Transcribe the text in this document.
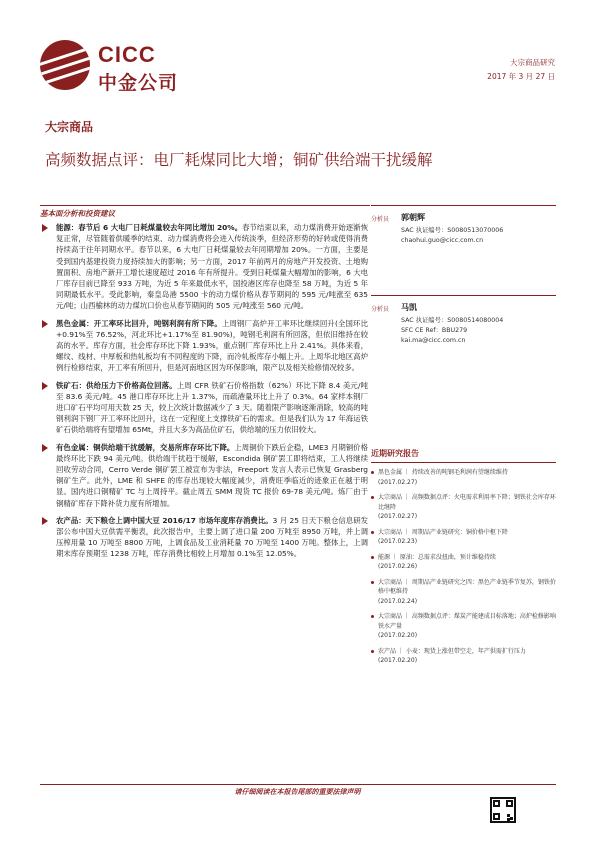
CICC
中金公司
大宗商品研究
2017 年 3 月 27 日
大宗商品
高频数据点评：电厂耗煤同比大增；铜矿供给端干扰缓解
基本面分析和投资建议
能源：春节后 6 大电厂日耗煤量较去年同比增加 20%。春节结束以来，动力煤消费开始逐渐恢复正常，尽管随着供暖季的结束、动力煤消费将会进入传统淡季，但经济形势的好转或使得消费持续高于往年同期水平。春节以来，6 大电厂日耗煤量较去年同期增加 20%。一方面，主要是受到国内基建投资力度持续加大的影响；另一方面，2017 年前两月的房地产开发投资、土地购置面积、房地产新开工增长速度超过 2016 年有所提升。受到日耗煤量大幅增加的影响，6 大电厂库存目前已降至 933 万吨，为近 5 年来最低水平，国投港区库存也降至 58 万吨，为近 5 年同期最低水平。受此影响，秦皇岛港 5500 卡的动力煤价格从春节期间的 595 元/吨涨至 635 元/吨；山西榆林的动力煤坑口价也从春节期间的 505 元/吨涨至 560 元/吨。
黑色金属：开工率环比回升，吨钢利润有所下降。上周钢厂高炉开工率环比继续回升(全国环比+0.91%至 76.52%，河北环比+1.17%至 81.90%)，吨钢毛利润有所回落，但依旧维持在较高的水平。库存方面，社会库存环比下降 1.93%，重点钢厂库存环比上升 2.41%。具体来看，螺纹、线材、中厚板和热轧板均有不同程度的下降，而冷轧板库存小幅上升。上周华北地区高炉例行检修结束，开工率有所回升，但是河南地区因为环保影响，限产以及相关检修情况较多。
铁矿石：供给压力下价格高位回落。上周 CFR 铁矿石价格指数（62%）环比下降 8.4 美元/吨至 83.6 美元/吨。45 港口库存环比上升 1.37%，而疏港量环比上升了 0.3%。64 家样本钢厂进口矿石平均可用天数 25 天，较上次统计数据减少了 3 天。随着限产影响逐渐消除，较高的吨钢利润下钢厂开工率环比回升，这在一定程度上支撑铁矿石的需求。但是我们认为 17 年海运铁矿石供给端将有望增加 65Mt，并且大多为高品位矿石，供给端的压力依旧较大。
有色金属：铜供给端干扰缓解，交易所库存环比下降。上周铜价下跌后企稳，LME3 月期铜价格最终环比下跌 94 美元/吨。供给端干扰趋于缓解，Escondida 铜矿罢工即将结束，工人将继续回收劳动合同，Cerro Verde 铜矿罢工被宣布为非法，Freeport 发言人表示已恢复 Grasberg 铜矿生产。此外，LME 和 SHFE 的库存出现较大幅度减少，消费旺季临近的迹象正在越于明显。国内进口铜精矿 TC 与上周持平。截止周五 SMM 现货 TC 报价 69-78 美元/吨。炼厂由于铜精矿库存下降补货力度有所增加。
农产品：天下粮仓上调中国大豆 2016/17 市场年度库存消费比。3 月 25 日天下粮仓信息研发部公布中国大豆供需平衡表，此次报告中，主要上调了进口量 200 万吨至 8950 万吨，并上调压榨用量 10 万吨至 8800 万吨，上调食品及工业消耗量 70 万吨至 1400 万吨。整体上，上调期末库存预期至 1238 万吨，库存消费比相较上月增加 0.1%至 12.05%。
分析员 郭朝辉
SAC 执证编号：S0080513070006
chaohui.guo@cicc.com.cn
分析员 马凯
SAC 执证编号：S0080514080004
SFC CE Ref：BBU279
kai.ma@cicc.com.cn
近期研究报告
黑色金属 ｜ 持续改善的吨钢毛利润有望继续维持
(2017.02.27)
大宗商品 ｜ 高频数据点评：火电需求利用率下降；钢铁社会库存环比继降
(2017.02.27)
大宗商品 ｜ 周期品产业链研究：铜价格中枢下降
(2017.02.23)
能源 ｜ 原油：总需求没扭曲，预计维稳持续
(2017.02.26)
大宗商品 ｜ 周期品产业链研究之四：黑色产业链季节复苏，钢铁价格中枢维持
(2017.02.24)
大宗商品 ｜ 高频数据点评：煤炭产能建成目标落地；高炉检修影响铁水产量
(2017.02.20)
农产品 ｜ 小麦：现货上涨但带空走，年产供需扩行压力
(2017.02.20)
请仔细阅读在本报告尾部的重要法律声明
